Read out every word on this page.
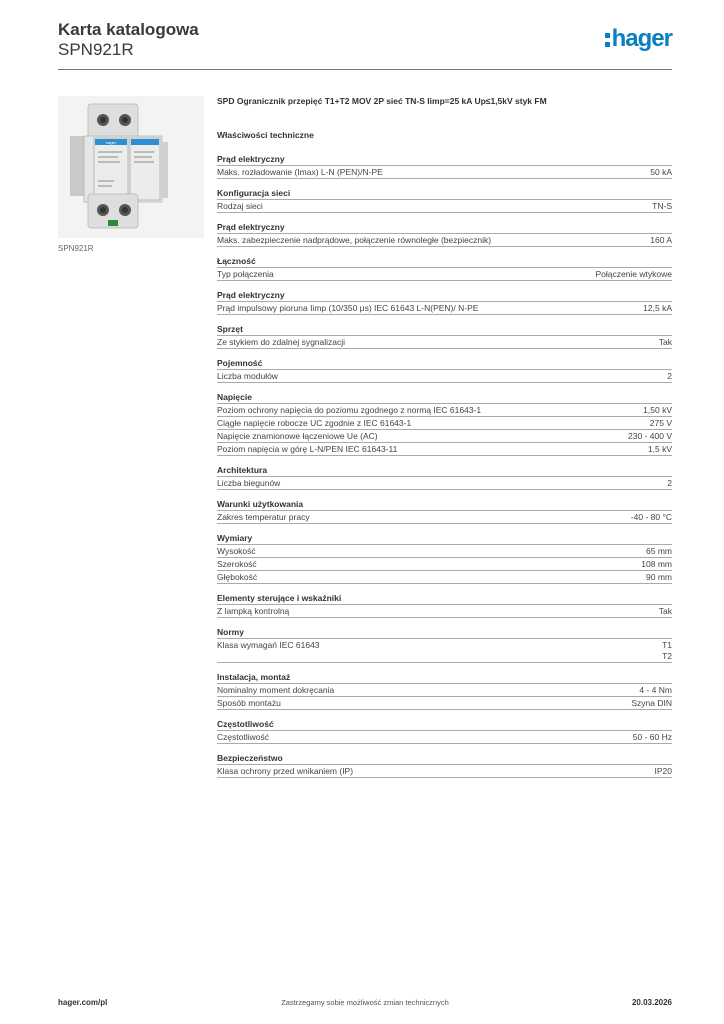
Karta katalogowa
SPN921R	hager
hager
SPN921R
SPD Ogranicznik przepięć T1+T2 MOV 2P sieć TN-S Iimp=25 kA Up≤1,5kV styk FM
Właściwości techniczne
Prąd elektryczny
Maks. rozładowanie (Imax) L-N (PEN)/N-PE	50 kA
Konfiguracja sieci
Rodzaj sieci	TN-S
Prąd elektryczny
Maks. zabezpieczenie nadprądowe, połączenie równoległe (bezpiecznik)	160 A
Łączność
Typ połączenia	Połączenie wtykowe
Prąd elektryczny
Prąd impulsowy pioruna Iimp (10/350 μs) IEC 61643 L-N(PEN)/ N-PE	12,5 kA
Sprzęt
Ze stykiem do zdalnej sygnalizacji	Tak
Pojemność
Liczba modułów	2
Napięcie
Poziom ochrony napięcia do poziomu zgodnego z normą IEC 61643-1	1,50 kV
Ciągłe napięcie robocze UC zgodnie z IEC 61643-1	275 V
Napięcie znamionowe łączeniowe Ue (AC)	230 - 400 V
Poziom napięcia w górę L-N/PEN IEC 61643-11	1,5 kV
Architektura
Liczba biegunów	2
Warunki użytkowania
Zakres temperatur pracy	-40 - 80 °C
Wymiary
Wysokość	65 mm
Szerokość	108 mm
Głębokość	90 mm
Elementy sterujące i wskaźniki
Z lampką kontrolną	Tak
Normy
Klasa wymagań IEC 61643	T1
T2
Instalacja, montaż
Nominalny moment dokręcania	4 - 4 Nm
Sposób montażu	Szyna DIN
Częstotliwość
Częstotliwość	50 - 60 Hz
Bezpieczeństwo
Klasa ochrony przed wnikaniem (IP)	IP20
hager.com/pl	Zastrzegamy sobie możliwość zmian technicznych	20.03.2026
